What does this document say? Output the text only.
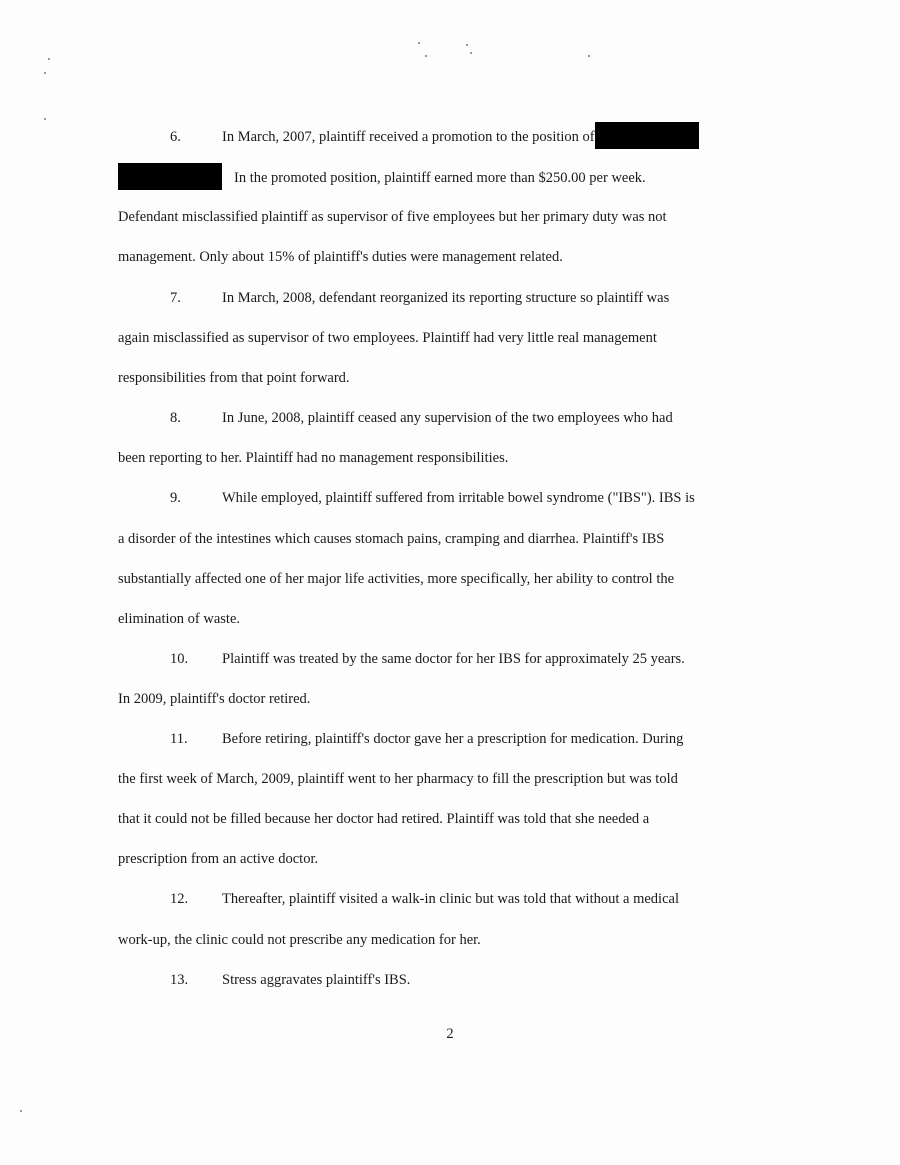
6.	In March, 2007, plaintiff received a promotion to the position of
In the promoted position, plaintiff earned more than $250.00 per week.
Defendant misclassified plaintiff as supervisor of five employees but her primary duty was not
management. Only about 15% of plaintiff's duties were management related.
7.	In March, 2008, defendant reorganized its reporting structure so plaintiff was
again misclassified as supervisor of two employees. Plaintiff had very little real management
responsibilities from that point forward.
8.	In June, 2008, plaintiff ceased any supervision of the two employees who had
been reporting to her. Plaintiff had no management responsibilities.
9.	While employed, plaintiff suffered from irritable bowel syndrome ("IBS"). IBS is
a disorder of the intestines which causes stomach pains, cramping and diarrhea. Plaintiff's IBS
substantially affected one of her major life activities, more specifically, her ability to control the
elimination of waste.
10. Plaintiff was treated by the same doctor for her IBS for approximately 25 years.
In 2009, plaintiff's doctor retired.
11. Before retiring, plaintiff's doctor gave her a prescription for medication. During
the first week of March, 2009, plaintiff went to her pharmacy to fill the prescription but was told
that it could not be filled because her doctor had retired. Plaintiff was told that she needed a
prescription from an active doctor.
12. Thereafter, plaintiff visited a walk-in clinic but was told that without a medical
work-up, the clinic could not prescribe any medication for her.
13. Stress aggravates plaintiff's IBS.
2
